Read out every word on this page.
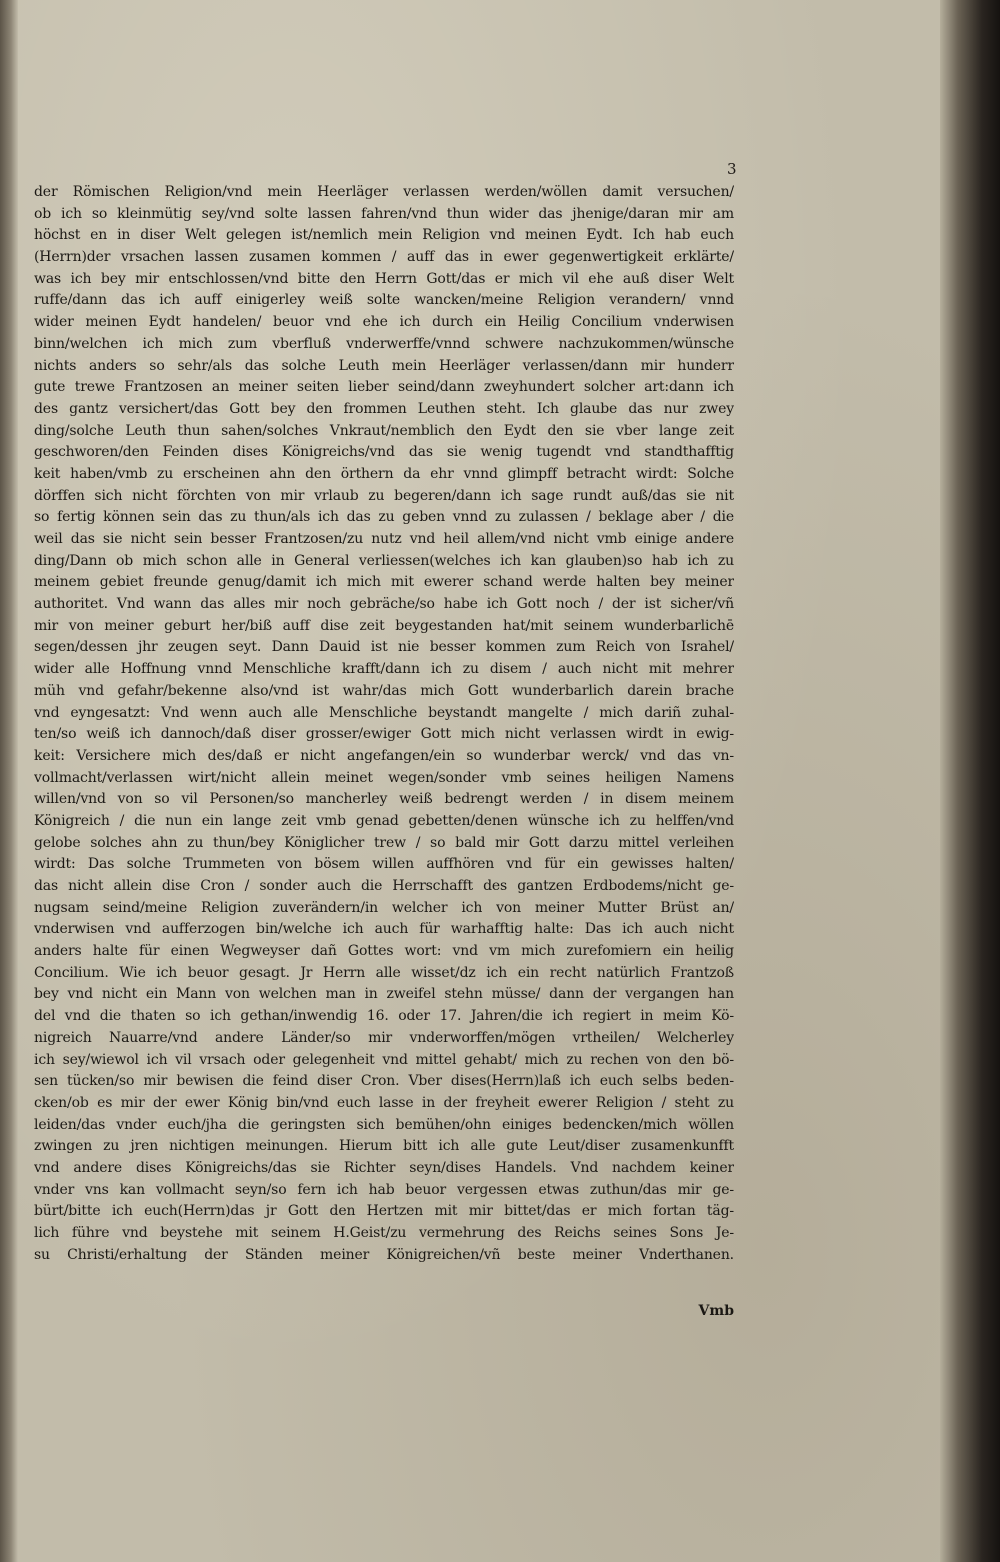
3
der Römischen Religion/vnd mein Heerläger verlassen werden/wöllen damit versuchen/
ob ich so kleinmütig sey/vnd solte lassen fahren/vnd thun wider das jhenige/daran mir am
höchst en in diser Welt gelegen ist/nemlich mein Religion vnd meinen Eydt. Ich hab euch
(Herrn)der vrsachen lassen zusamen kommen / auff das in ewer gegenwertigkeit erklärte/
was ich bey mir entschlossen/vnd bitte den Herrn Gott/das er mich vil ehe auß diser Welt
ruffe/dann das ich auff einigerley weiß solte wancken/meine Religion verandern/ vnnd
wider meinen Eydt handelen/ beuor vnd ehe ich durch ein Heilig Concilium vnderwisen
binn/welchen ich mich zum vberfluß vnderwerffe/vnnd schwere nachzukommen/wünsche
nichts anders so sehr/als das solche Leuth mein Heerläger verlassen/dann mir hunderr
gute trewe Frantzosen an meiner seiten lieber seind/dann zweyhundert solcher art:dann ich
des gantz versichert/das Gott bey den frommen Leuthen steht. Ich glaube das nur zwey
ding/solche Leuth thun sahen/solches Vnkraut/nemblich den Eydt den sie vber lange zeit
geschworen/den Feinden dises Königreichs/vnd das sie wenig tugendt vnd standthafftig
keit haben/vmb zu erscheinen ahn den örthern da ehr vnnd glimpff betracht wirdt: Solche
dörffen sich nicht förchten von mir vrlaub zu begeren/dann ich sage rundt auß/das sie nit
so fertig können sein das zu thun/als ich das zu geben vnnd zu zulassen / beklage aber / die
weil das sie nicht sein besser Frantzosen/zu nutz vnd heil allem/vnd nicht vmb einige andere
ding/Dann ob mich schon alle in General verliessen(welches ich kan glauben)so hab ich zu
meinem gebiet freunde genug/damit ich mich mit ewerer schand werde halten bey meiner
authoritet. Vnd wann das alles mir noch gebräche/so habe ich Gott noch / der ist sicher/vñ
mir von meiner geburt her/biß auff dise zeit beygestanden hat/mit seinem wunderbarlichē
segen/dessen jhr zeugen seyt. Dann Dauid ist nie besser kommen zum Reich von Israhel/
wider alle Hoffnung vnnd Menschliche krafft/dann ich zu disem / auch nicht mit mehrer
müh vnd gefahr/bekenne also/vnd ist wahr/das mich Gott wunderbarlich darein brache
vnd eyngesatzt: Vnd wenn auch alle Menschliche beystandt mangelte / mich dariñ zuhal-
ten/so weiß ich dannoch/daß diser grosser/ewiger Gott mich nicht verlassen wirdt in ewig-
keit: Versichere mich des/daß er nicht angefangen/ein so wunderbar werck/ vnd das vn-
vollmacht/verlassen wirt/nicht allein meinet wegen/sonder vmb seines heiligen Namens
willen/vnd von so vil Personen/so mancherley weiß bedrengt werden / in disem meinem
Königreich / die nun ein lange zeit vmb genad gebetten/denen wünsche ich zu helffen/vnd
gelobe solches ahn zu thun/bey Königlicher trew / so bald mir Gott darzu mittel verleihen
wirdt: Das solche Trummeten von bösem willen auffhören vnd für ein gewisses halten/
das nicht allein dise Cron / sonder auch die Herrschafft des gantzen Erdbodems/nicht ge-
nugsam seind/meine Religion zuverändern/in welcher ich von meiner Mutter Brüst an/
vnderwisen vnd aufferzogen bin/welche ich auch für warhafftig halte: Das ich auch nicht
anders halte für einen Wegweyser dañ Gottes wort: vnd vm mich zurefomiern ein heilig
Concilium. Wie ich beuor gesagt. Jr Herrn alle wisset/dz ich ein recht natürlich Frantzoß
bey vnd nicht ein Mann von welchen man in zweifel stehn müsse/ dann der vergangen han
del vnd die thaten so ich gethan/inwendig 16. oder 17. Jahren/die ich regiert in meim Kö-
nigreich Nauarre/vnd andere Länder/so mir vnderworffen/mögen vrtheilen/ Welcherley
ich sey/wiewol ich vil vrsach oder gelegenheit vnd mittel gehabt/ mich zu rechen von den bö-
sen tücken/so mir bewisen die feind diser Cron. Vber dises(Herrn)laß ich euch selbs beden-
cken/ob es mir der ewer König bin/vnd euch lasse in der freyheit ewerer Religion / steht zu
leiden/das vnder euch/jha die geringsten sich bemühen/ohn einiges bedencken/mich wöllen
zwingen zu jren nichtigen meinungen. Hierum bitt ich alle gute Leut/diser zusamenkunfft
vnd andere dises Königreichs/das sie Richter seyn/dises Handels. Vnd nachdem keiner
vnder vns kan vollmacht seyn/so fern ich hab beuor vergessen etwas zuthun/das mir ge-
bürt/bitte ich euch(Herrn)das jr Gott den Hertzen mit mir bittet/das er mich fortan täg-
lich führe vnd beystehe mit seinem H.Geist/zu vermehrung des Reichs seines Sons Je-
su Christi/erhaltung der Ständen meiner Königreichen/vñ beste meiner Vnderthanen.
Vmb
